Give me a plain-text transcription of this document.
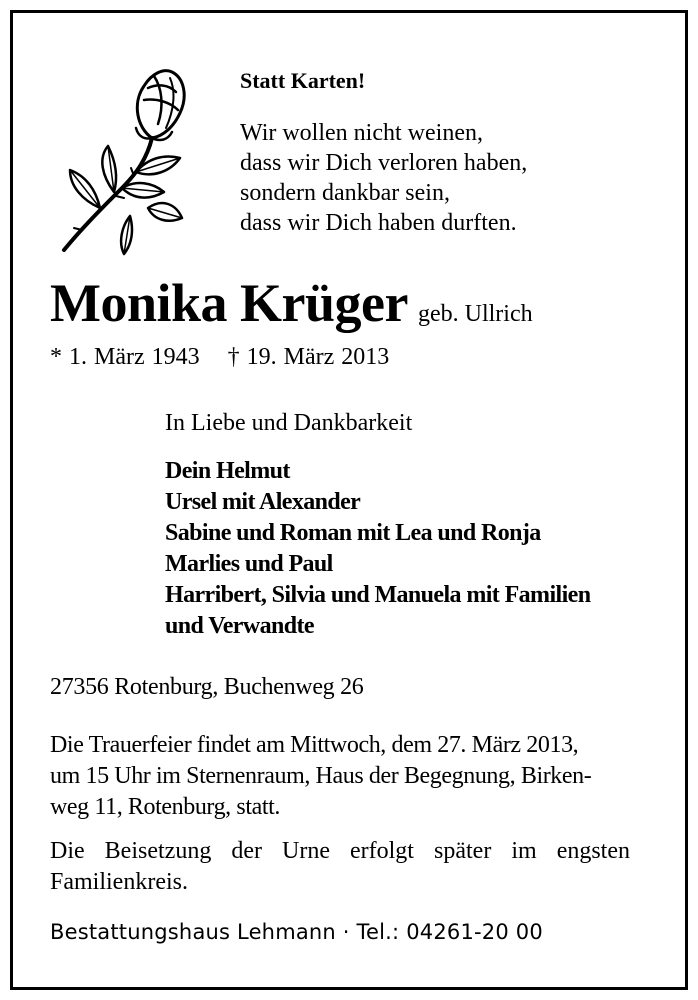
Statt Karten!

Wir wollen nicht weinen,
dass wir Dich verloren haben,
sondern dankbar sein,
dass wir Dich haben durften.
Monika Krüger geb. Ullrich
* 1. März 1943 † 19. März 2013

In Liebe und Dankbarkeit

Dein Helmut
Ursel mit Alexander
Sabine und Roman mit Lea und Ronja
Marlies und Paul
Harribert, Silvia und Manuela mit Familien
und Verwandte

27356 Rotenburg, Buchenweg 26

Die Trauerfeier findet am Mittwoch, dem 27. März 2013,
um 15 Uhr im Sternenraum, Haus der Begegnung, Birken-
weg 11, Rotenburg, statt.
Die Beisetzung der Urne erfolgt später im engsten
Familienkreis.

Bestattungshaus Lehmann · Tel.: 04261-20 00
